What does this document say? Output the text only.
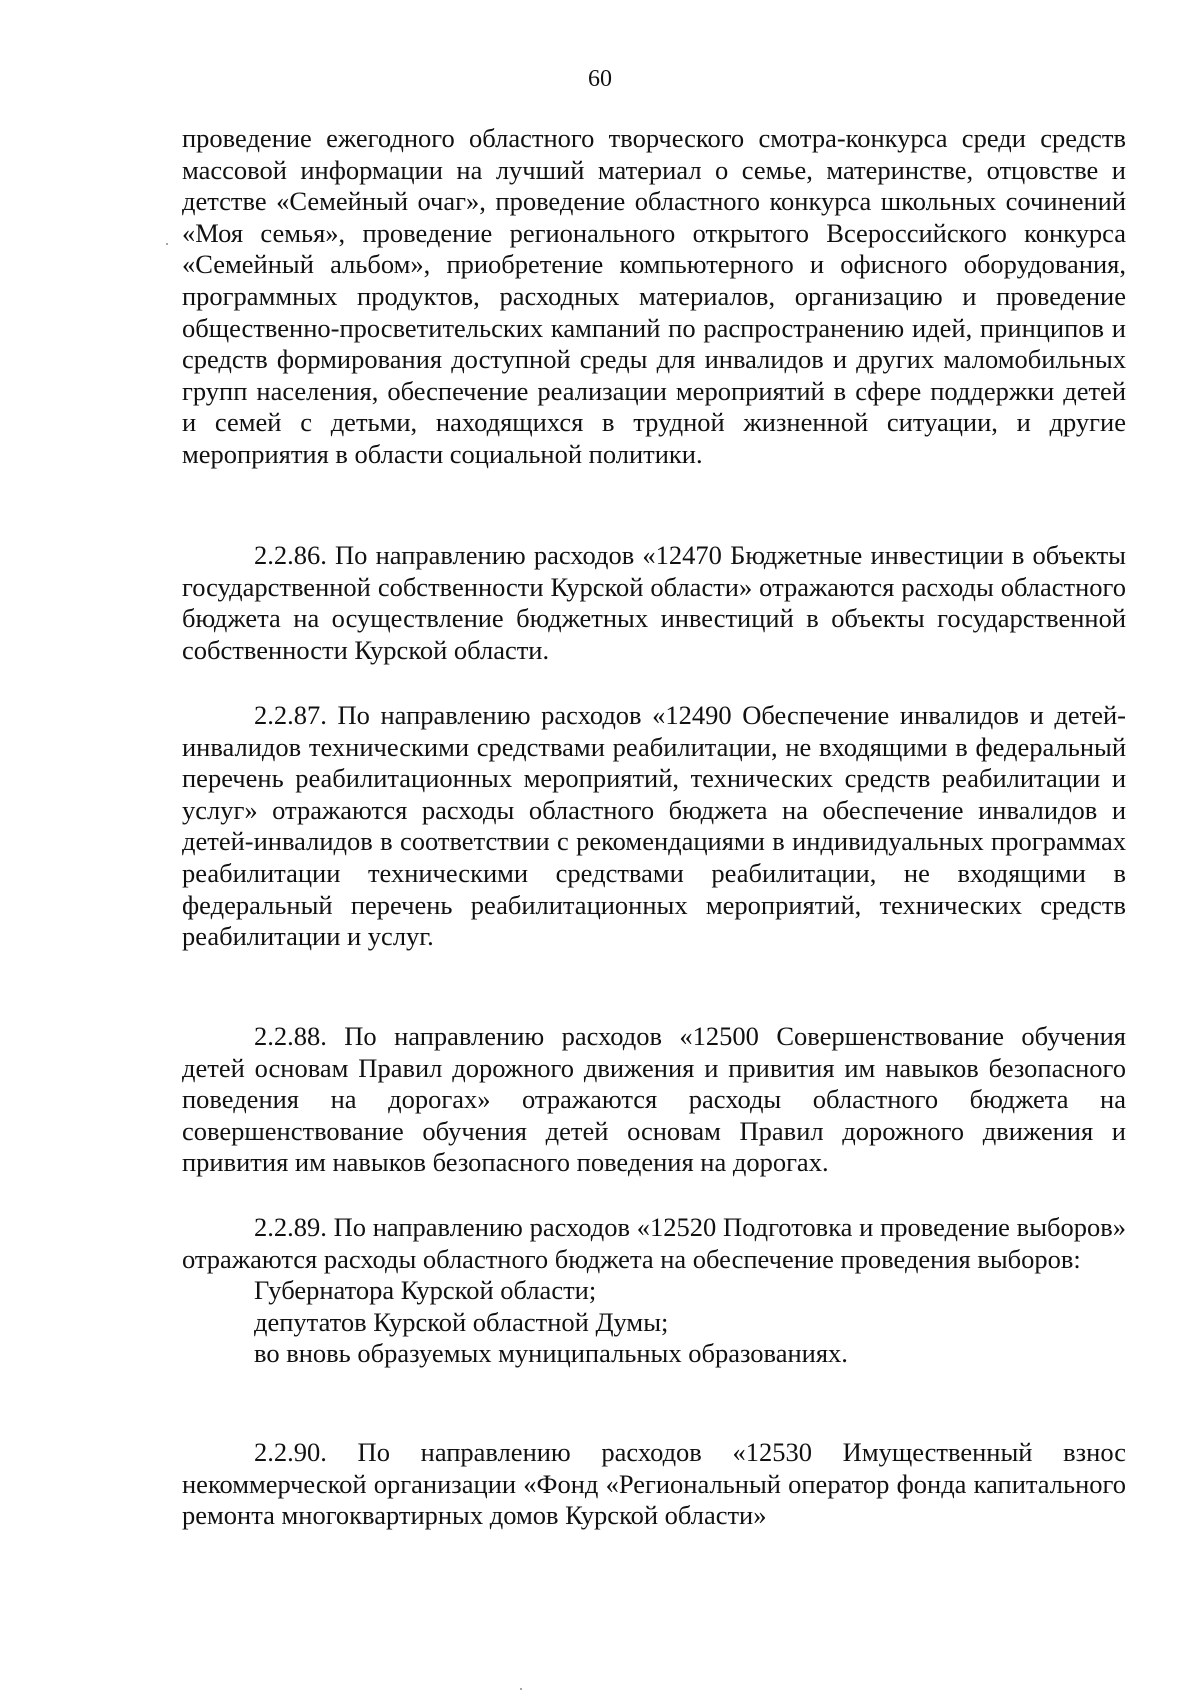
60

проведение ежегодного областного творческого смотра-конкурса среди средств массовой информации на лучший материал о семье, материнстве, отцовстве и детстве «Семейный очаг», проведение областного конкурса школьных сочинений «Моя семья», проведение регионального открытого Всероссийского конкурса «Семейный альбом», приобретение компьютерного и офисного оборудования, программных продуктов, расходных материалов, организацию и проведение общественно-просветительских кампаний по распространению идей, принципов и средств формирования доступной среды для инвалидов и других маломобильных групп населения, обеспечение реализации мероприятий в сфере поддержки детей и семей с детьми, находящихся в трудной жизненной ситуации, и другие мероприятия в области социальной политики.

2.2.86. По направлению расходов «12470 Бюджетные инвестиции в объекты государственной собственности Курской области» отражаются расходы областного бюджета на осуществление бюджетных инвестиций в объекты государственной собственности Курской области.

2.2.87. По направлению расходов «12490 Обеспечение инвалидов и детей-инвалидов техническими средствами реабилитации, не входящими в федеральный перечень реабилитационных мероприятий, технических средств реабилитации и услуг» отражаются расходы областного бюджета на обеспечение инвалидов и детей-инвалидов в соответствии с рекомендациями в индивидуальных программах реабилитации техническими средствами реабилитации, не входящими в федеральный перечень реабилитационных мероприятий, технических средств реабилитации и услуг.

2.2.88. По направлению расходов «12500 Совершенствование обучения детей основам Правил дорожного движения и привития им навыков безопасного поведения на дорогах» отражаются расходы областного бюджета на совершенствование обучения детей основам Правил дорожного движения и привития им навыков безопасного поведения на дорогах.

2.2.89. По направлению расходов «12520 Подготовка и проведение выборов» отражаются расходы областного бюджета на обеспечение проведения выборов:

Губернатора Курской области;

депутатов Курской областной Думы;

во вновь образуемых муниципальных образованиях.

2.2.90. По направлению расходов «12530 Имущественный взнос некоммерческой организации «Фонд «Региональный оператор фонда капитального ремонта многоквартирных домов Курской области»
